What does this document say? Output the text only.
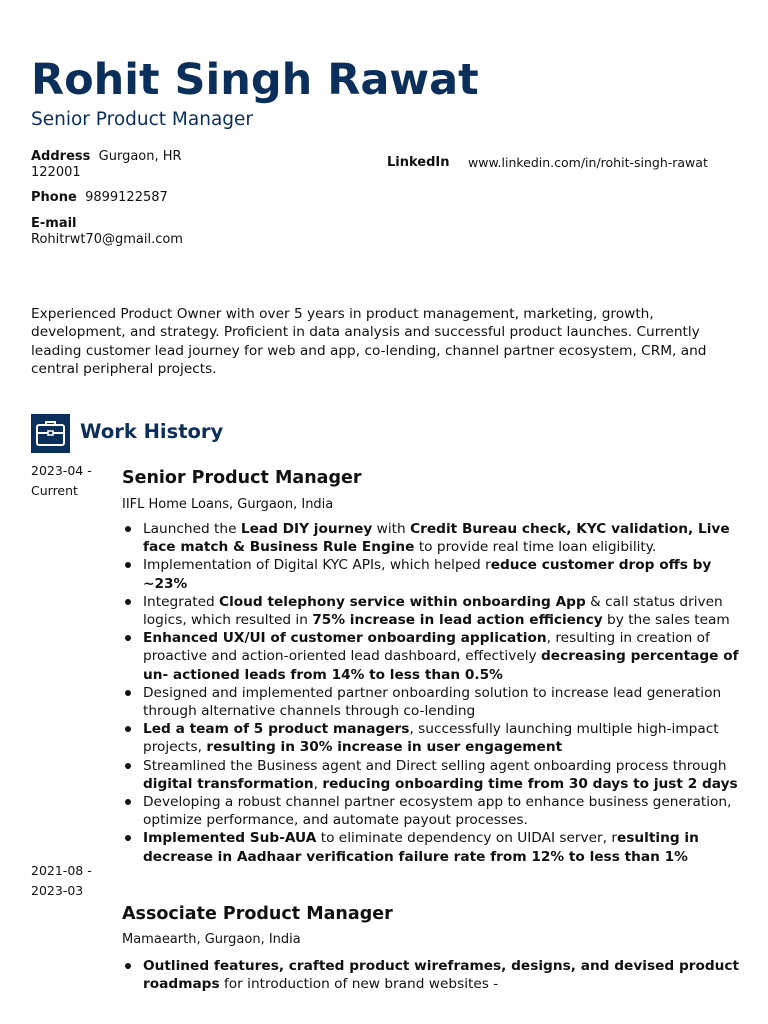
Rohit Singh Rawat
Senior Product Manager
Address Gurgaon, HR
122001
Phone 9899122587
E-mail
Rohitrwt70@gmail.com
LinkedIn www.linkedin.com/in/rohit-singh-rawat
Experienced Product Owner with over 5 years in product management, marketing, growth, development, and strategy. Proficient in data analysis and successful product launches. Currently leading customer lead journey for web and app, co-lending, channel partner ecosystem, CRM, and central peripheral projects.
Work History
2023-04 -
Current
Senior Product Manager
IIFL Home Loans, Gurgaon, India
Launched the Lead DIY journey with Credit Bureau check, KYC validation, Live face match & Business Rule Engine to provide real time loan eligibility.
Implementation of Digital KYC APIs, which helped reduce customer drop offs by ~23%
Integrated Cloud telephony service within onboarding App & call status driven logics, which resulted in 75% increase in lead action efficiency by the sales team
Enhanced UX/UI of customer onboarding application, resulting in creation of proactive and action-oriented lead dashboard, effectively decreasing percentage of un- actioned leads from 14% to less than 0.5%
Designed and implemented partner onboarding solution to increase lead generation through alternative channels through co-lending
Led a team of 5 product managers, successfully launching multiple high-impact projects, resulting in 30% increase in user engagement
Streamlined the Business agent and Direct selling agent onboarding process through digital transformation, reducing onboarding time from 30 days to just 2 days
Developing a robust channel partner ecosystem app to enhance business generation, optimize performance, and automate payout processes.
Implemented Sub-AUA to eliminate dependency on UIDAI server, resulting in decrease in Aadhaar verification failure rate from 12% to less than 1%
2021-08 -
2023-03
Associate Product Manager
Mamaearth, Gurgaon, India
Outlined features, crafted product wireframes, designs, and devised product roadmaps for introduction of new brand websites -
